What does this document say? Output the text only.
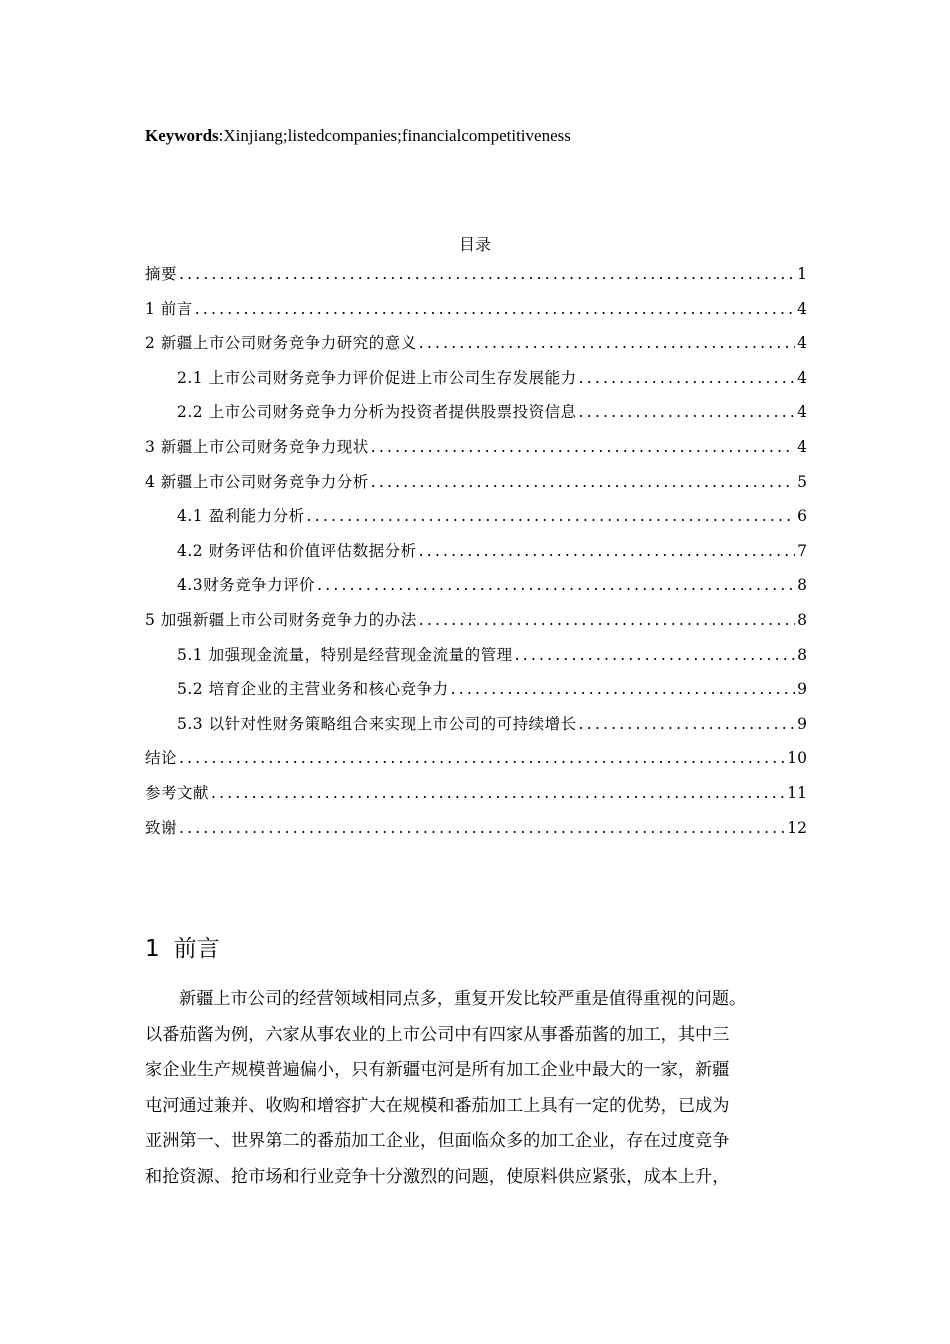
Keywords:Xinjiang;listedcompanies;financialcompetitiveness
目录
摘要 .....	1
1 前言 .....	4
2 新疆上市公司财务竞争力研究的意义 .....	4
2.1 上市公司财务竞争力评价促进上市公司生存发展能力 .....	4
2.2 上市公司财务竞争力分析为投资者提供股票投资信息 .....	4
3 新疆上市公司财务竞争力现状 .....	4
4 新疆上市公司财务竞争力分析 .....	5
4.1 盈利能力分析 .....	6
4.2 财务评估和价值评估数据分析 .....	7
4.3财务竞争力评价 .....	8
5 加强新疆上市公司财务竞争力的办法 .....	8
5.1 加强现金流量，特别是经营现金流量的管理 .....	8
5.2 培育企业的主营业务和核心竞争力 .....	9
5.3 以针对性财务策略组合来实现上市公司的可持续增长 .....	9
结论 .....	10
参考文献 .....	11
致谢 .....	12
1 前言
新疆上市公司的经营领域相同点多，重复开发比较严重是值得重视的问题。
以番茄酱为例，六家从事农业的上市公司中有四家从事番茄酱的加工，其中三
家企业生产规模普遍偏小，只有新疆屯河是所有加工企业中最大的一家，新疆
屯河通过兼并、收购和增容扩大在规模和番茄加工上具有一定的优势，已成为
亚洲第一、世界第二的番茄加工企业，但面临众多的加工企业，存在过度竞争
和抢资源、抢市场和行业竞争十分激烈的问题，使原料供应紧张，成本上升，
